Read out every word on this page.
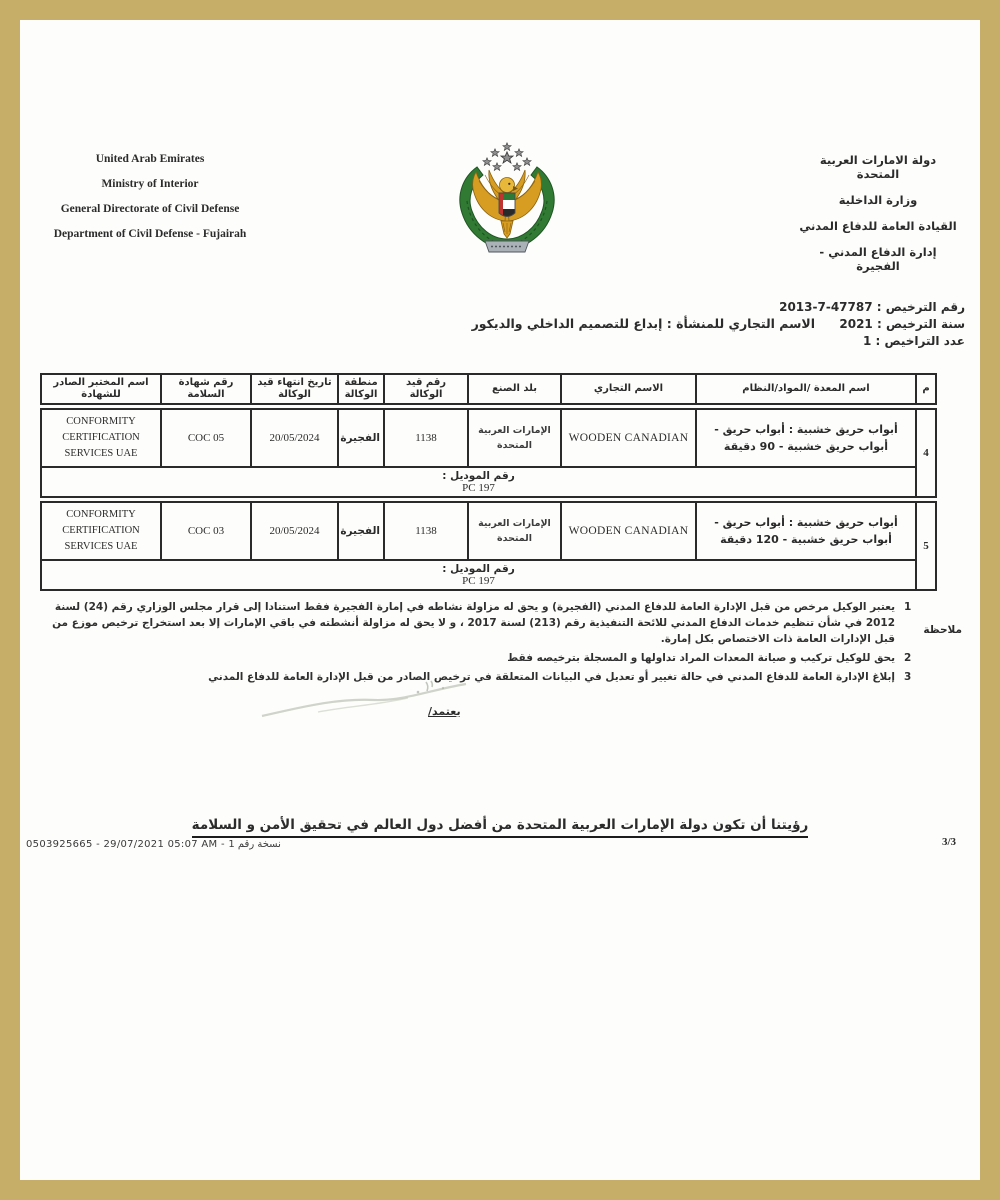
United Arab Emirates
Ministry of Interior
General Directorate of Civil Defense
Department of Civil Defense - Fujairah
دولة الامارات العربية المتحدة
وزارة الداخلية
القيادة العامة للدفاع المدني
إدارة الدفاع المدني - الفجيرة
رقم الترخيص : 2013-7-47787
سنة الترخيص : 2021
عدد التراخيص : 1
الاسم التجاري للمنشأة : إبداع للتصميم الداخلي والديكور
م	اسم المعدة /المواد/النظام	الاسم التجاري	بلد الصنع	رقم قيد الوكالة	منطقة الوكالة	تاريخ انتهاء قيد الوكالة	رقم شهادة السلامة	اسم المختبر الصادر للشهادة
4	أبواب حريق خشبية : أبواب حريق - أبواب حريق خشبية - 90 دقيقة	WOODEN CANADIAN	الإمارات العربية المتحدة	1138	الفجيرة	20/05/2024	COC 05	CONFORMITY CERTIFICATION SERVICES UAE

رقم الموديل :
PC 197
5	أبواب حريق خشبية : أبواب حريق - أبواب حريق خشبية - 120 دقيقة	WOODEN CANADIAN	الإمارات العربية المتحدة	1138	الفجيرة	20/05/2024	COC 03	CONFORMITY CERTIFICATION SERVICES UAE

رقم الموديل :
PC 197
ملاحظة
1
يعتبر الوكيل مرخص من قبل الإدارة العامة للدفاع المدني (الفجيرة) و يحق له مزاولة نشاطه في إمارة الفجيرة فقط استنادا إلى قرار مجلس الوزاري رقم (24) لسنة 2012 في شأن تنظيم خدمات الدفاع المدني للائحة التنفيذية رقم (213) لسنة 2017 ، و لا يحق له مزاولة أنشطته في باقي الإمارات إلا بعد استخراج ترخيص موزع من قبل الإدارات العامة ذات الاختصاص بكل إمارة.
2
يحق للوكيل تركيب و صيانة المعدات المراد تداولها و المسجلة بترخيصه فقط
3
إبلاغ الإدارة العامة للدفاع المدني في حالة تغيير أو تعديل في البيانات المتعلقة في ترخيص الصادر من قبل الإدارة العامة للدفاع المدني
يعتمد/
رؤيتنا أن تكون دولة الإمارات العربية المتحدة من أفضل دول العالم في تحقيق الأمن و السلامة
0503925665 - 29/07/2021 05:07 AM - نسخة رقم 1	3/3
